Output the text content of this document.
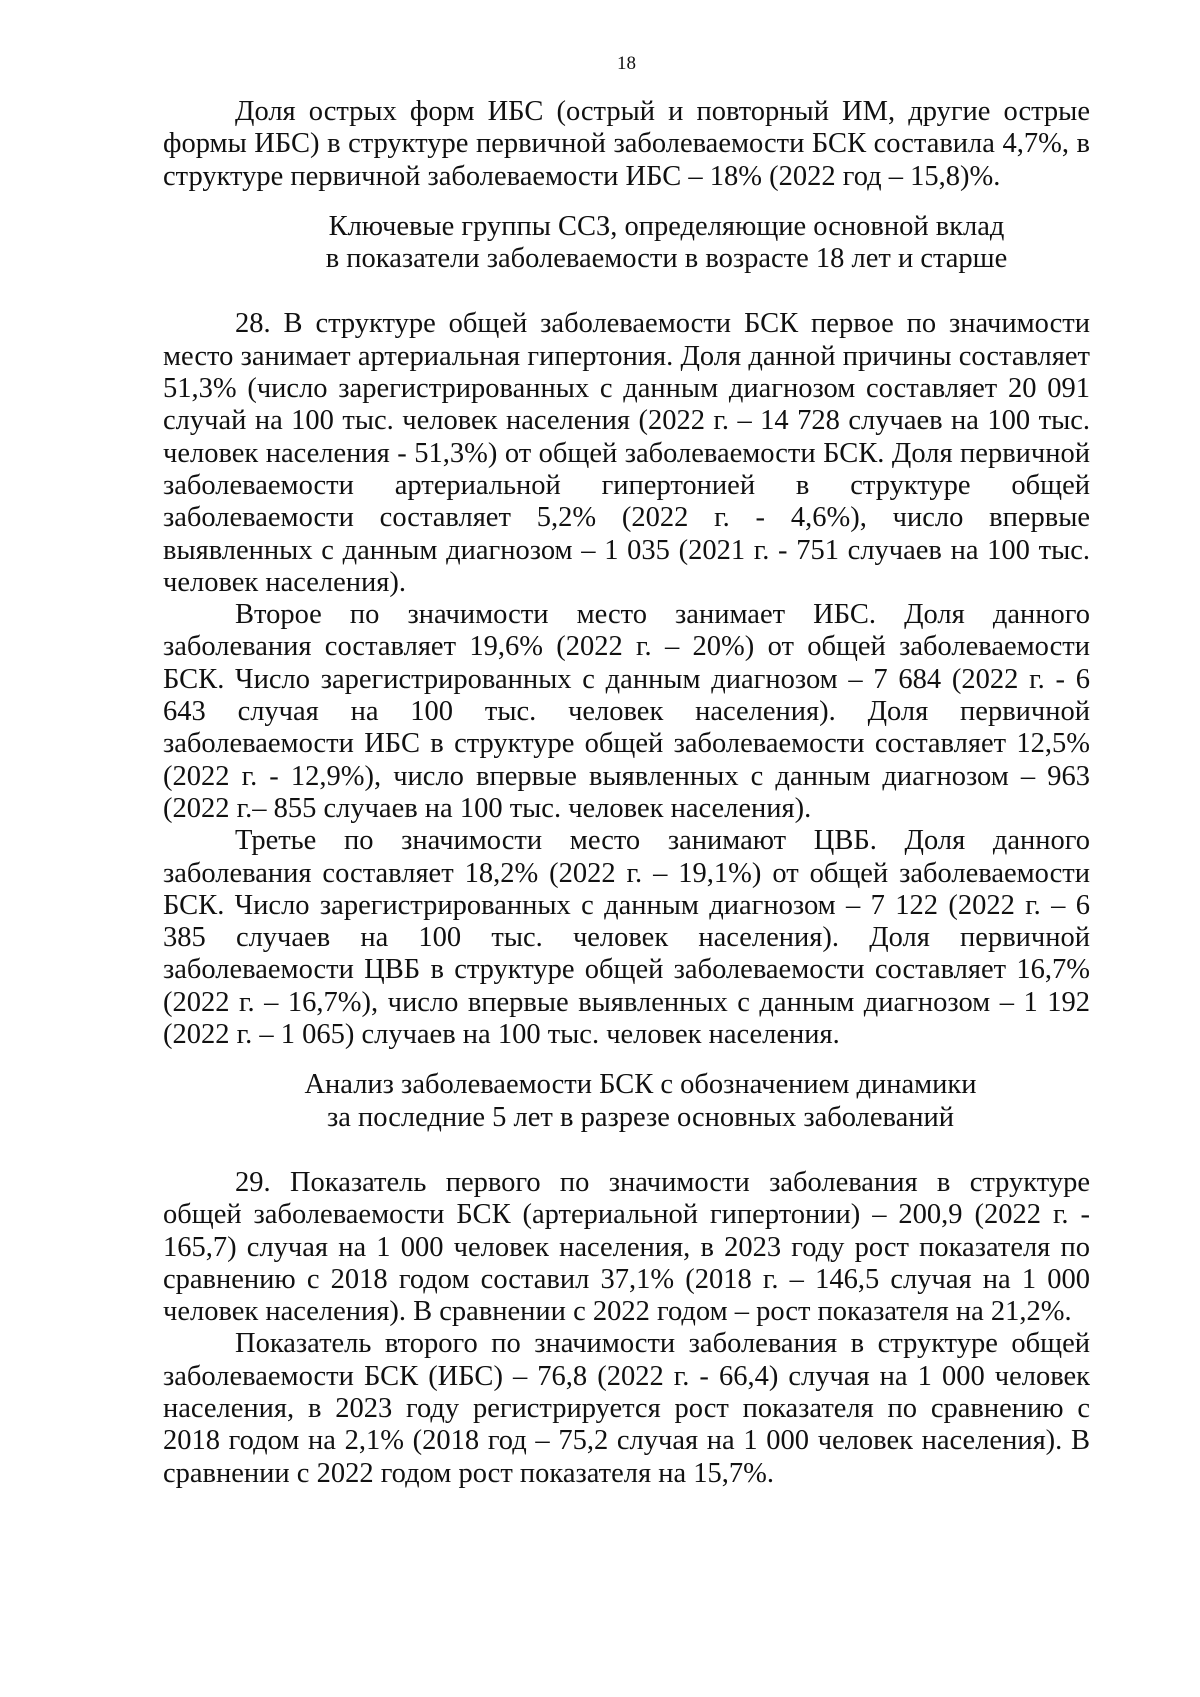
18

Доля острых форм ИБС (острый и повторный ИМ, другие острые формы ИБС) в структуре первичной заболеваемости БСК составила 4,7%, в структуре первичной заболеваемости ИБС – 18% (2022 год – 15,8)%.

Ключевые группы ССЗ, определяющие основной вклад
в показатели заболеваемости в возрасте 18 лет и старше

28. В структуре общей заболеваемости БСК первое по значимости место занимает артериальная гипертония. Доля данной причины составляет 51,3% (число зарегистрированных с данным диагнозом составляет 20 091 случай на 100 тыс. человек населения (2022 г. – 14 728 случаев на 100 тыс. человек населения - 51,3%) от общей заболеваемости БСК. Доля первичной заболеваемости артериальной гипертонией в структуре общей заболеваемости составляет 5,2% (2022 г. - 4,6%), число впервые выявленных с данным диагнозом – 1 035 (2021 г. - 751 случаев на 100 тыс. человек населения).

Второе по значимости место занимает ИБС. Доля данного заболевания составляет 19,6% (2022 г. – 20%) от общей заболеваемости БСК. Число зарегистрированных с данным диагнозом – 7 684 (2022 г. - 6 643 случая на 100 тыс. человек населения). Доля первичной заболеваемости ИБС в структуре общей заболеваемости составляет 12,5% (2022 г. - 12,9%), число впервые выявленных с данным диагнозом – 963 (2022 г.– 855 случаев на 100 тыс. человек населения).

Третье по значимости место занимают ЦВБ. Доля данного заболевания составляет 18,2% (2022 г. – 19,1%) от общей заболеваемости БСК. Число зарегистрированных с данным диагнозом – 7 122 (2022 г. – 6 385 случаев на 100 тыс. человек населения). Доля первичной заболеваемости ЦВБ в структуре общей заболеваемости составляет 16,7% (2022 г. – 16,7%), число впервые выявленных с данным диагнозом – 1 192 (2022 г. – 1 065) случаев на 100 тыс. человек населения.

Анализ заболеваемости БСК с обозначением динамики
за последние 5 лет в разрезе основных заболеваний

29. Показатель первого по значимости заболевания в структуре общей заболеваемости БСК (артериальной гипертонии) – 200,9 (2022 г. - 165,7) случая на 1 000 человек населения, в 2023 году рост показателя по сравнению с 2018 годом составил 37,1% (2018 г. – 146,5 случая на 1 000 человек населения). В сравнении с 2022 годом – рост показателя на 21,2%.

Показатель второго по значимости заболевания в структуре общей заболеваемости БСК (ИБС) – 76,8 (2022 г. - 66,4) случая на 1 000 человек населения, в 2023 году регистрируется рост показателя по сравнению с 2018 годом на 2,1% (2018 год – 75,2 случая на 1 000 человек населения). В сравнении с 2022 годом рост показателя на 15,7%.
